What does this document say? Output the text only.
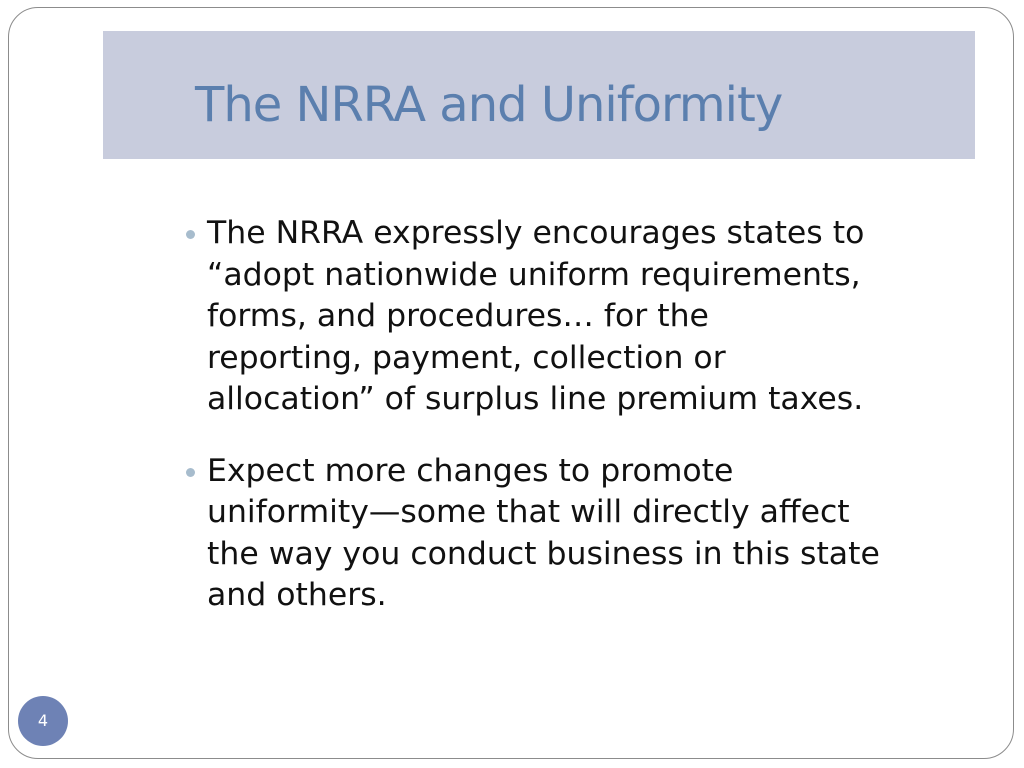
The NRRA and Uniformity
The NRRA expressly encourages states to
“adopt nationwide uniform requirements,
forms, and procedures… for the
reporting, payment, collection or
allocation” of surplus line premium taxes.
Expect more changes to promote
uniformity—some that will directly affect
the way you conduct business in this state
and others.
4
